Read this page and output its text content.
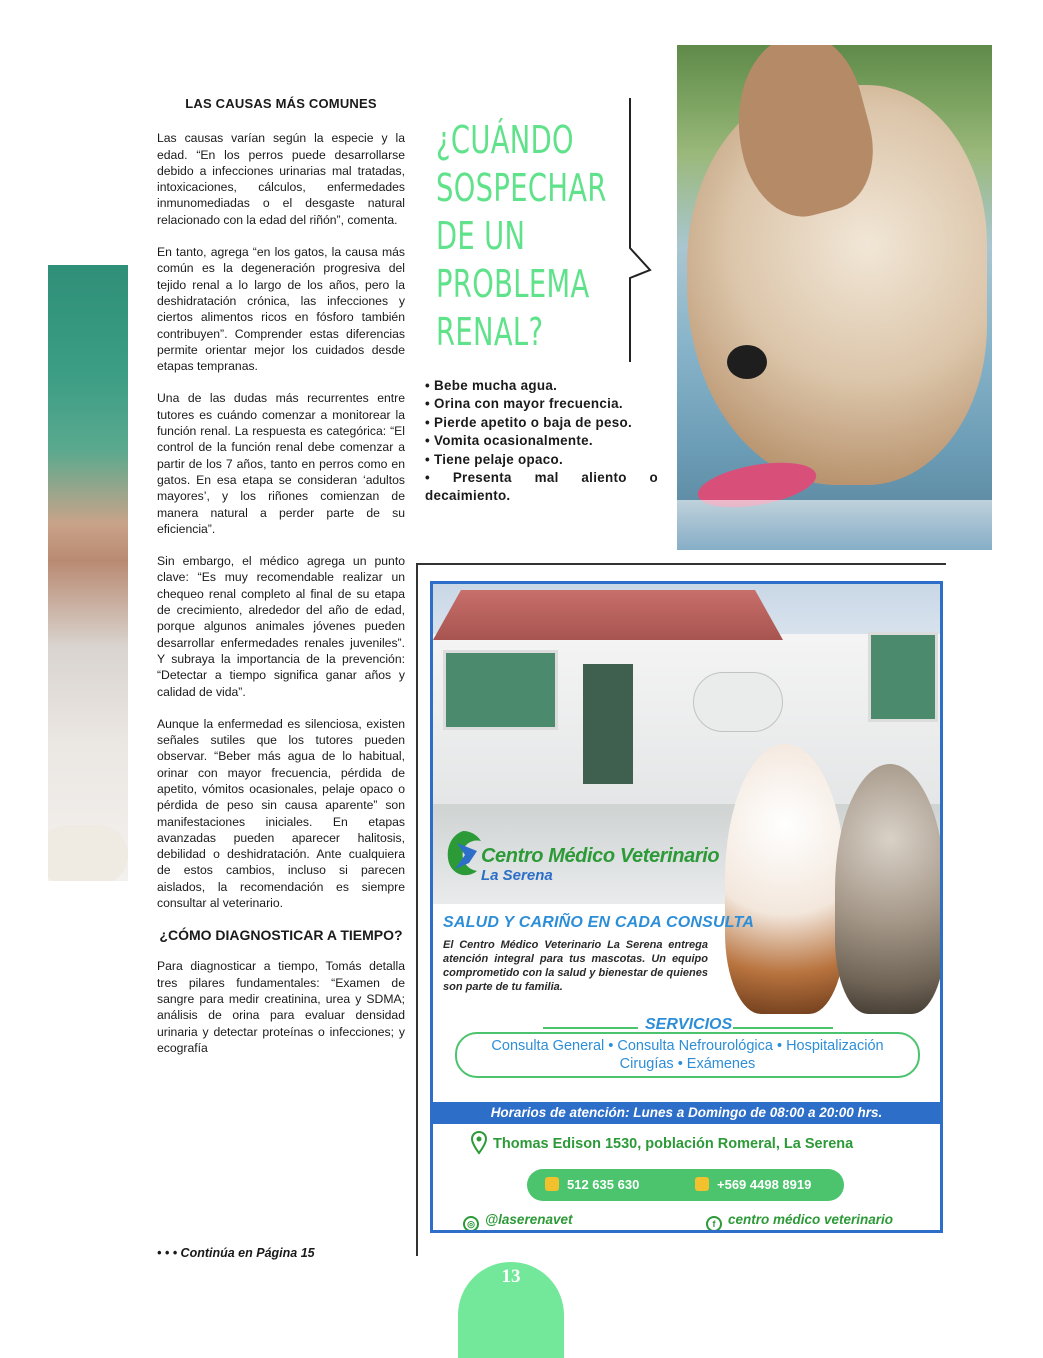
LAS CAUSAS MÁS COMUNES

Las causas varían según la especie y la edad. “En los perros puede desarrollarse debido a infecciones urinarias mal tratadas, intoxicaciones, cálculos, enfermedades inmunomediadas o el desgaste natural relacionado con la edad del riñón”, comenta.

En tanto, agrega “en los gatos, la causa más común es la degeneración progresiva del tejido renal a lo largo de los años, pero la deshidratación crónica, las infecciones y ciertos alimentos ricos en fósforo también contribuyen”. Comprender estas diferencias permite orientar mejor los cuidados desde etapas tempranas.

Una de las dudas más recurrentes entre tutores es cuándo comenzar a monitorear la función renal. La respuesta es categórica: “El control de la función renal debe comenzar a partir de los 7 años, tanto en perros como en gatos. En esa etapa se consideran ‘adultos mayores’, y los riñones comienzan de manera natural a perder parte de su eficiencia”.

Sin embargo, el médico agrega un punto clave: “Es muy recomendable realizar un chequeo renal completo al final de su etapa de crecimiento, alrededor del año de edad, porque algunos animales jóvenes pueden desarrollar enfermedades renales juveniles”. Y subraya la importancia de la prevención: “Detectar a tiempo significa ganar años y calidad de vida”.

Aunque la enfermedad es silenciosa, existen señales sutiles que los tutores pueden observar. “Beber más agua de lo habitual, orinar con mayor frecuencia, pérdida de apetito, vómitos ocasionales, pelaje opaco o pérdida de peso sin causa aparente” son manifestaciones iniciales. En etapas avanzadas pueden aparecer halitosis, debilidad o deshidratación. Ante cualquiera de estos cambios, incluso si parecen aislados, la recomendación es siempre consultar al veterinario.

¿CÓMO DIAGNOSTICAR A TIEMPO?

Para diagnosticar a tiempo, Tomás detalla tres pilares fundamentales: “Examen de sangre para medir creatinina, urea y SDMA; análisis de orina para evaluar densidad urinaria y detectar proteínas o infecciones; y ecografía

• • • Continúa en Página 15
¿CUÁNDO
SOSPECHAR
DE UN
PROBLEMA
RENAL?
• Bebe mucha agua.
• Orina con mayor frecuencia.
• Pierde apetito o baja de peso.
• Vomita ocasionalmente.
• Tiene pelaje opaco.
• Presenta mal aliento o decaimiento.
Centro Médico Veterinario
La Serena
SALUD Y CARIÑO EN CADA CONSULTA
El Centro Médico Veterinario La Serena entrega atención integral para tus mascotas. Un equipo comprometido con la salud y bienestar de quienes son parte de tu familia.
SERVICIOS
Consulta General • Consulta Nefrourológica • Hospitalización
Cirugías • Exámenes
Horarios de atención: Lunes a Domingo de 08:00 a 20:00 hrs.
Thomas Edison 1530, población Romeral, La Serena
512 635 630	+569 4498 8919
◎ @laserenavet	f centro médico veterinario
13
